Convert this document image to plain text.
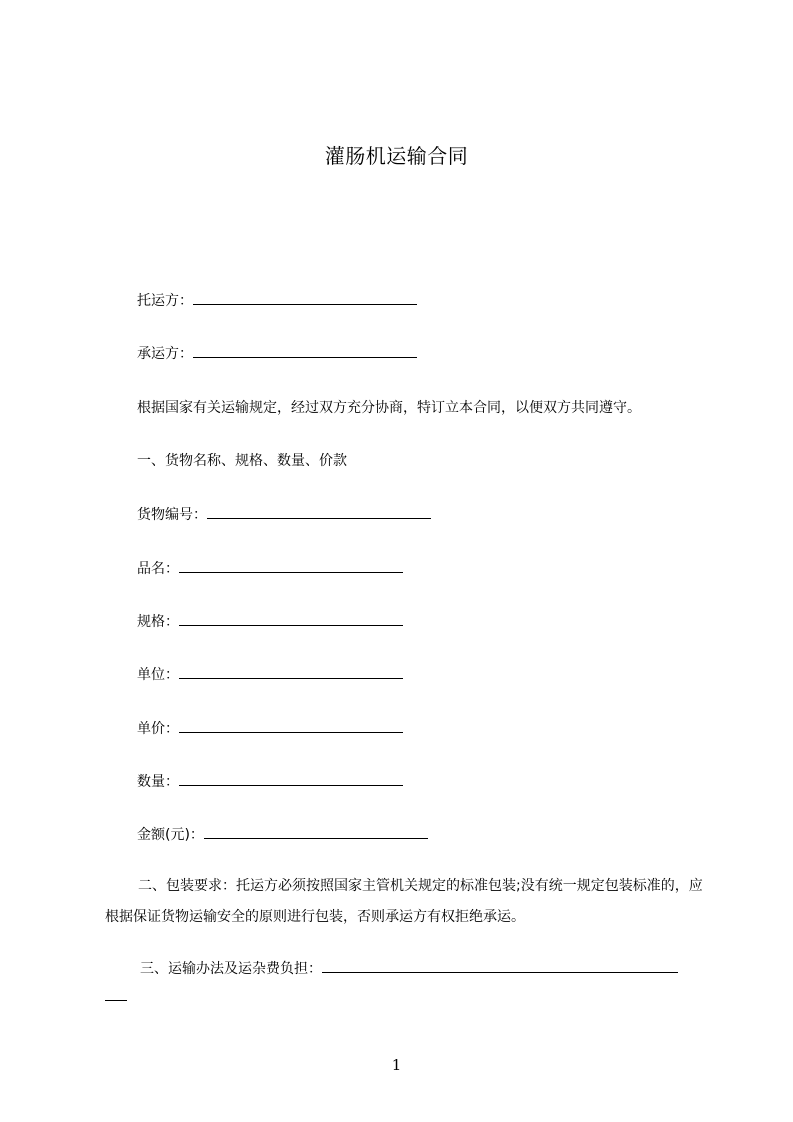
灌肠机运输合同
托运方：
承运方：
根据国家有关运输规定，经过双方充分协商，特订立本合同，以便双方共同遵守。
一、货物名称、规格、数量、价款
货物编号：
品名：
规格：
单位：
单价：
数量：
金额(元)：
二、包装要求：托运方必须按照国家主管机关规定的标准包装;没有统一规定包装标准的，应根据保证货物运输安全的原则进行包装，否则承运方有权拒绝承运。
三、运输办法及运杂费负担：
1
